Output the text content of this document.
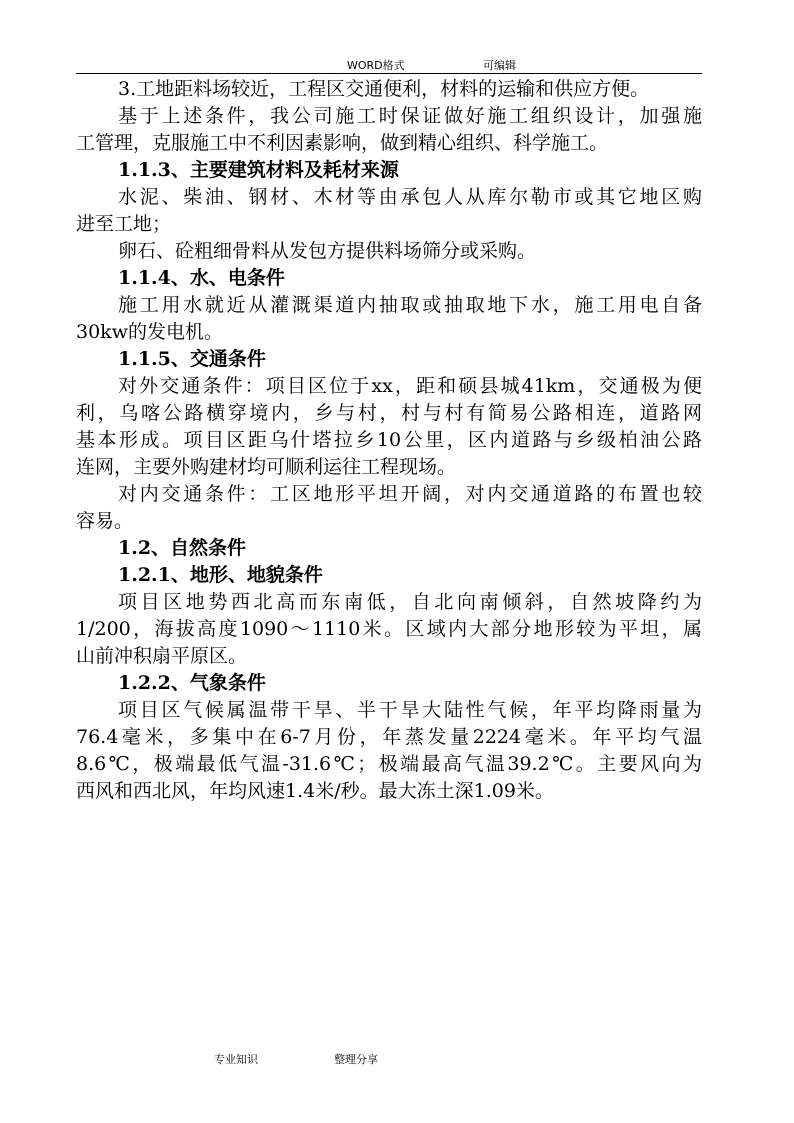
WORD格式	可编辑
3.工地距料场较近，工程区交通便利，材料的运输和供应方便。
基于上述条件，我公司施工时保证做好施工组织设计，加强施
工管理，克服施工中不利因素影响，做到精心组织、科学施工。
1.1.3、主要建筑材料及耗材来源
水泥、柴油、钢材、木材等由承包人从库尔勒市或其它地区购
进至工地；
卵石、砼粗细骨料从发包方提供料场筛分或采购。
1.1.4、水、电条件
施工用水就近从灌溉渠道内抽取或抽取地下水，施工用电自备
30kw的发电机。
1.1.5、交通条件
对外交通条件：项目区位于xx，距和硕县城41km，交通极为便
利，乌喀公路横穿境内，乡与村，村与村有简易公路相连，道路网
基本形成。项目区距乌什塔拉乡10公里，区内道路与乡级柏油公路
连网，主要外购建材均可顺利运往工程现场。
对内交通条件：工区地形平坦开阔，对内交通道路的布置也较
容易。
1.2、自然条件
1.2.1、地形、地貌条件
项目区地势西北高而东南低，自北向南倾斜，自然坡降约为
1/200，海拔高度1090～1110米。区域内大部分地形较为平坦，属
山前冲积扇平原区。
1.2.2、气象条件
项目区气候属温带干旱、半干旱大陆性气候，年平均降雨量为
76.4毫米，多集中在6-7月份，年蒸发量2224毫米。年平均气温
8.6℃，极端最低气温-31.6℃；极端最高气温39.2℃。主要风向为
西风和西北风，年均风速1.4米/秒。最大冻土深1.09米。
专业知识	整理分享
